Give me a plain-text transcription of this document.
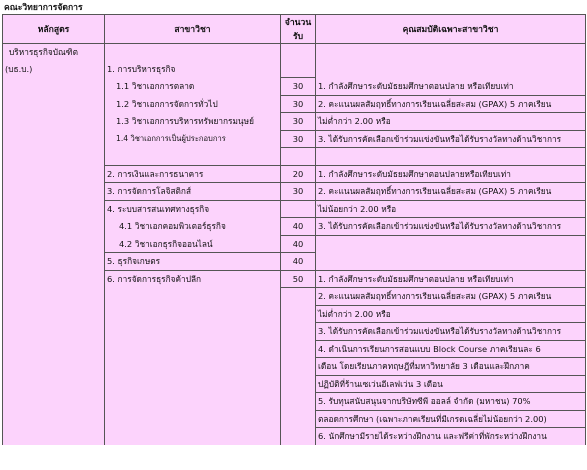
คณะวิทยาการจัดการ
หลักสูตร	สาขาวิชา	จำนวนรับ	คุณสมบัติเฉพาะสาขาวิชา
บริหารธุรกิจบัณฑิต			
(บธ.บ.)	1. การบริหารธุรกิจ		
	1.1 วิชาเอกการตลาด	30	1. กำลังศึกษาระดับมัธยมศึกษาตอนปลาย หรือเทียบเท่า
	1.2 วิชาเอกการจัดการทั่วไป	30	2. คะแนนผลสัมฤทธิ์ทางการเรียนเฉลี่ยสะสม (GPAX) 5 ภาคเรียน
	1.3 วิชาเอกการบริหารทรัพยากรมนุษย์	30	ไม่ต่ำกว่า 2.00 หรือ
	1.4 วิชาเอกการเป็นผู้ประกอบการ	30	3. ได้รับการคัดเลือกเข้าร่วมแข่งขันหรือได้รับรางวัลทางด้านวิชาการ

	2. การเงินและการธนาคาร	20	1. กำลังศึกษาระดับมัธยมศึกษาตอนปลายหรือเทียบเท่า
	3. การจัดการโลจิสติกส์	30	2. คะแนนผลสัมฤทธิ์ทางการเรียนเฉลี่ยสะสม (GPAX) 5 ภาคเรียน
	4. ระบบสารสนเทศทางธุรกิจ		ไม่น้อยกว่า 2.00 หรือ
	4.1 วิชาเอกคอมพิวเตอร์ธุรกิจ	40	3. ได้รับการคัดเลือกเข้าร่วมแข่งขันหรือได้รับรางวัลทางด้านวิชาการ
	4.2 วิชาเอกธุรกิจออนไลน์	40	
	5. ธุรกิจเกษตร	40	
	6. การจัดการธุรกิจค้าปลีก	50	1. กำลังศึกษาระดับมัธยมศึกษาตอนปลาย หรือเทียบเท่า
			2. คะแนนผลสัมฤทธิ์ทางการเรียนเฉลี่ยสะสม (GPAX) 5 ภาคเรียน
			ไม่ต่ำกว่า 2.00 หรือ
			3. ได้รับการคัดเลือกเข้าร่วมแข่งขันหรือได้รับรางวัลทางด้านวิชาการ
			4. ดำเนินการเรียนการสอนแบบ Block Course ภาคเรียนละ 6
			เดือน โดยเรียนภาคทฤษฎีที่มหาวิทยาลัย 3 เดือนและฝึกภาค
			ปฏิบัติที่ร้านเซเว่นอีเลฟเว่น 3 เดือน
			5. รับทุนสนับสนุนจากบริษัทซีพี ออลล์ จำกัด (มหาชน) 70%
			ตลอดการศึกษา (เฉพาะภาคเรียนที่มีเกรดเฉลี่ยไม่น้อยกว่า 2.00)
			6. นักศึกษามีรายได้ระหว่างฝึกงาน และฟรีค่าที่พักระหว่างฝึกงาน
